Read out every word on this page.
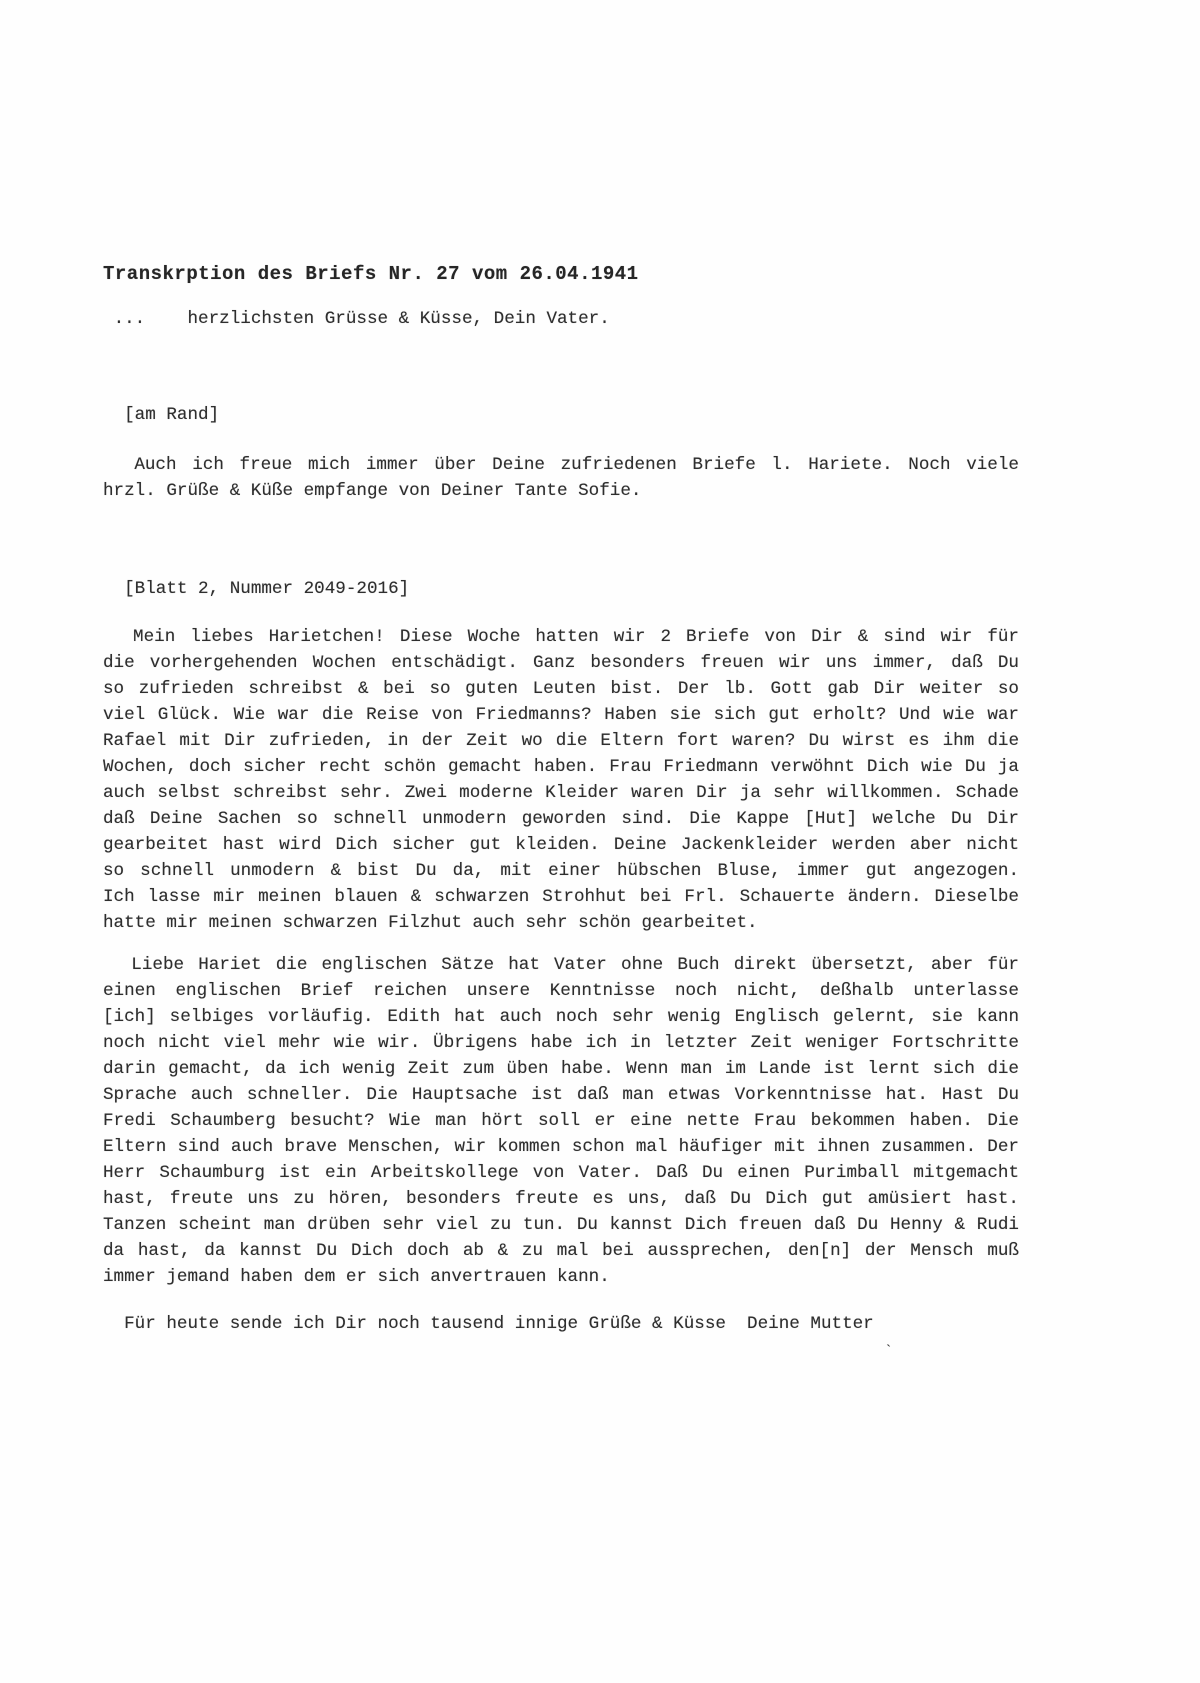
Transkrption des Briefs Nr. 27 vom 26.04.1941
...    herzlichsten Grüsse & Küsse, Dein Vater.
[am Rand]
Auch ich freue mich immer über Deine zufriedenen Briefe l. Hariete. Noch viele
hrzl. Grüße & Küße empfange von Deiner Tante Sofie.
[Blatt 2, Nummer 2049-2016]
Mein liebes Harietchen! Diese Woche hatten wir 2 Briefe von Dir & sind wir für
die vorhergehenden Wochen entschädigt. Ganz besonders freuen wir uns immer, daß Du
so zufrieden schreibst & bei so guten Leuten bist. Der lb. Gott gab Dir weiter so
viel Glück. Wie war die Reise von Friedmanns? Haben sie sich gut erholt? Und wie war
Rafael mit Dir zufrieden, in der Zeit wo die Eltern fort waren? Du wirst es ihm die
Wochen, doch sicher recht schön gemacht haben. Frau Friedmann verwöhnt Dich wie Du ja
auch selbst schreibst sehr. Zwei moderne Kleider waren Dir ja sehr willkommen. Schade
daß Deine Sachen so schnell unmodern geworden sind. Die Kappe [Hut] welche Du Dir
gearbeitet hast wird Dich sicher gut kleiden. Deine Jackenkleider werden aber nicht
so schnell unmodern & bist Du da, mit einer hübschen Bluse, immer gut angezogen.
Ich lasse mir meinen blauen & schwarzen Strohhut bei Frl. Schauerte ändern. Dieselbe
hatte mir meinen schwarzen Filzhut auch sehr schön gearbeitet.
Liebe Hariet die englischen Sätze hat Vater ohne Buch direkt übersetzt, aber für
einen englischen Brief reichen unsere Kenntnisse noch nicht, deßhalb unterlasse
[ich] selbiges vorläufig. Edith hat auch noch sehr wenig Englisch gelernt, sie kann
noch nicht viel mehr wie wir. Übrigens habe ich in letzter Zeit weniger Fortschritte
darin gemacht, da ich wenig Zeit zum üben habe. Wenn man im Lande ist lernt sich die
Sprache auch schneller. Die Hauptsache ist daß man etwas Vorkenntnisse hat. Hast Du
Fredi Schaumberg besucht? Wie man hört soll er eine nette Frau bekommen haben. Die
Eltern sind auch brave Menschen, wir kommen schon mal häufiger mit ihnen zusammen. Der
Herr Schaumburg ist ein Arbeitskollege von Vater. Daß Du einen Purimball mitgemacht
hast, freute uns zu hören, besonders freute es uns, daß Du Dich gut amüsiert hast.
Tanzen scheint man drüben sehr viel zu tun. Du kannst Dich freuen daß Du Henny & Rudi
da hast, da kannst Du Dich doch ab & zu mal bei aussprechen, den[n] der Mensch muß
immer jemand haben dem er sich anvertrauen kann.
Für heute sende ich Dir noch tausend innige Grüße & Küsse  Deine Mutter
`
